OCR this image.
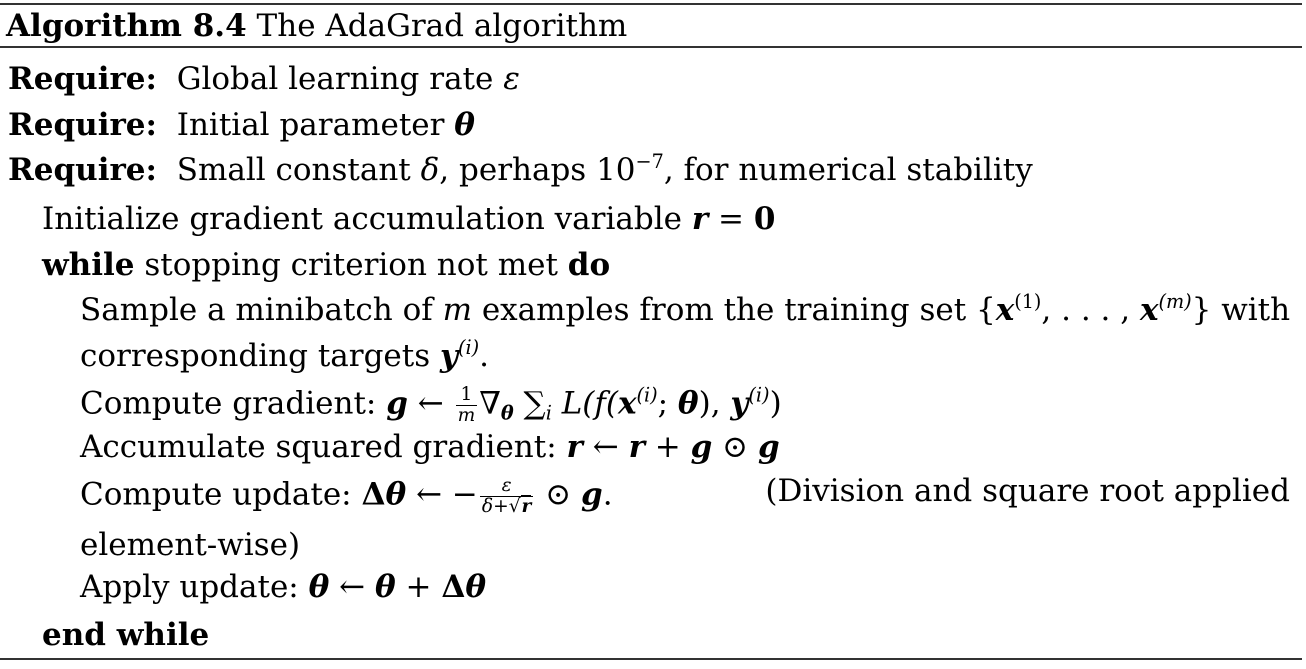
Algorithm 8.4 The AdaGrad algorithm
Require: Global learning rate ε
Require: Initial parameter θ
Require: Small constant δ, perhaps $10^{-7}$, for numerical stability
Initialize gradient accumulation variable r = 0
while stopping criterion not met do
Sample a minibatch of m examples from the training set {$x^{(1)}$, . . . , $x^{(m)}$} with
corresponding targets $y^{(i)}$.
Compute gradient: g ← $\frac{1}{m} \nabla_\theta$ $\sum_i$ $L(f(x^{(i)}$; θ), $y^{(i)}$)
Accumulate squared gradient: r ← r + g ⊙ g
Compute update: Δθ ← − $\frac{\varepsilon}{\delta+√r}$ ⊙ g.	(Division and square root applied
element-wise)
Apply update: θ ← θ + Δθ
end while
